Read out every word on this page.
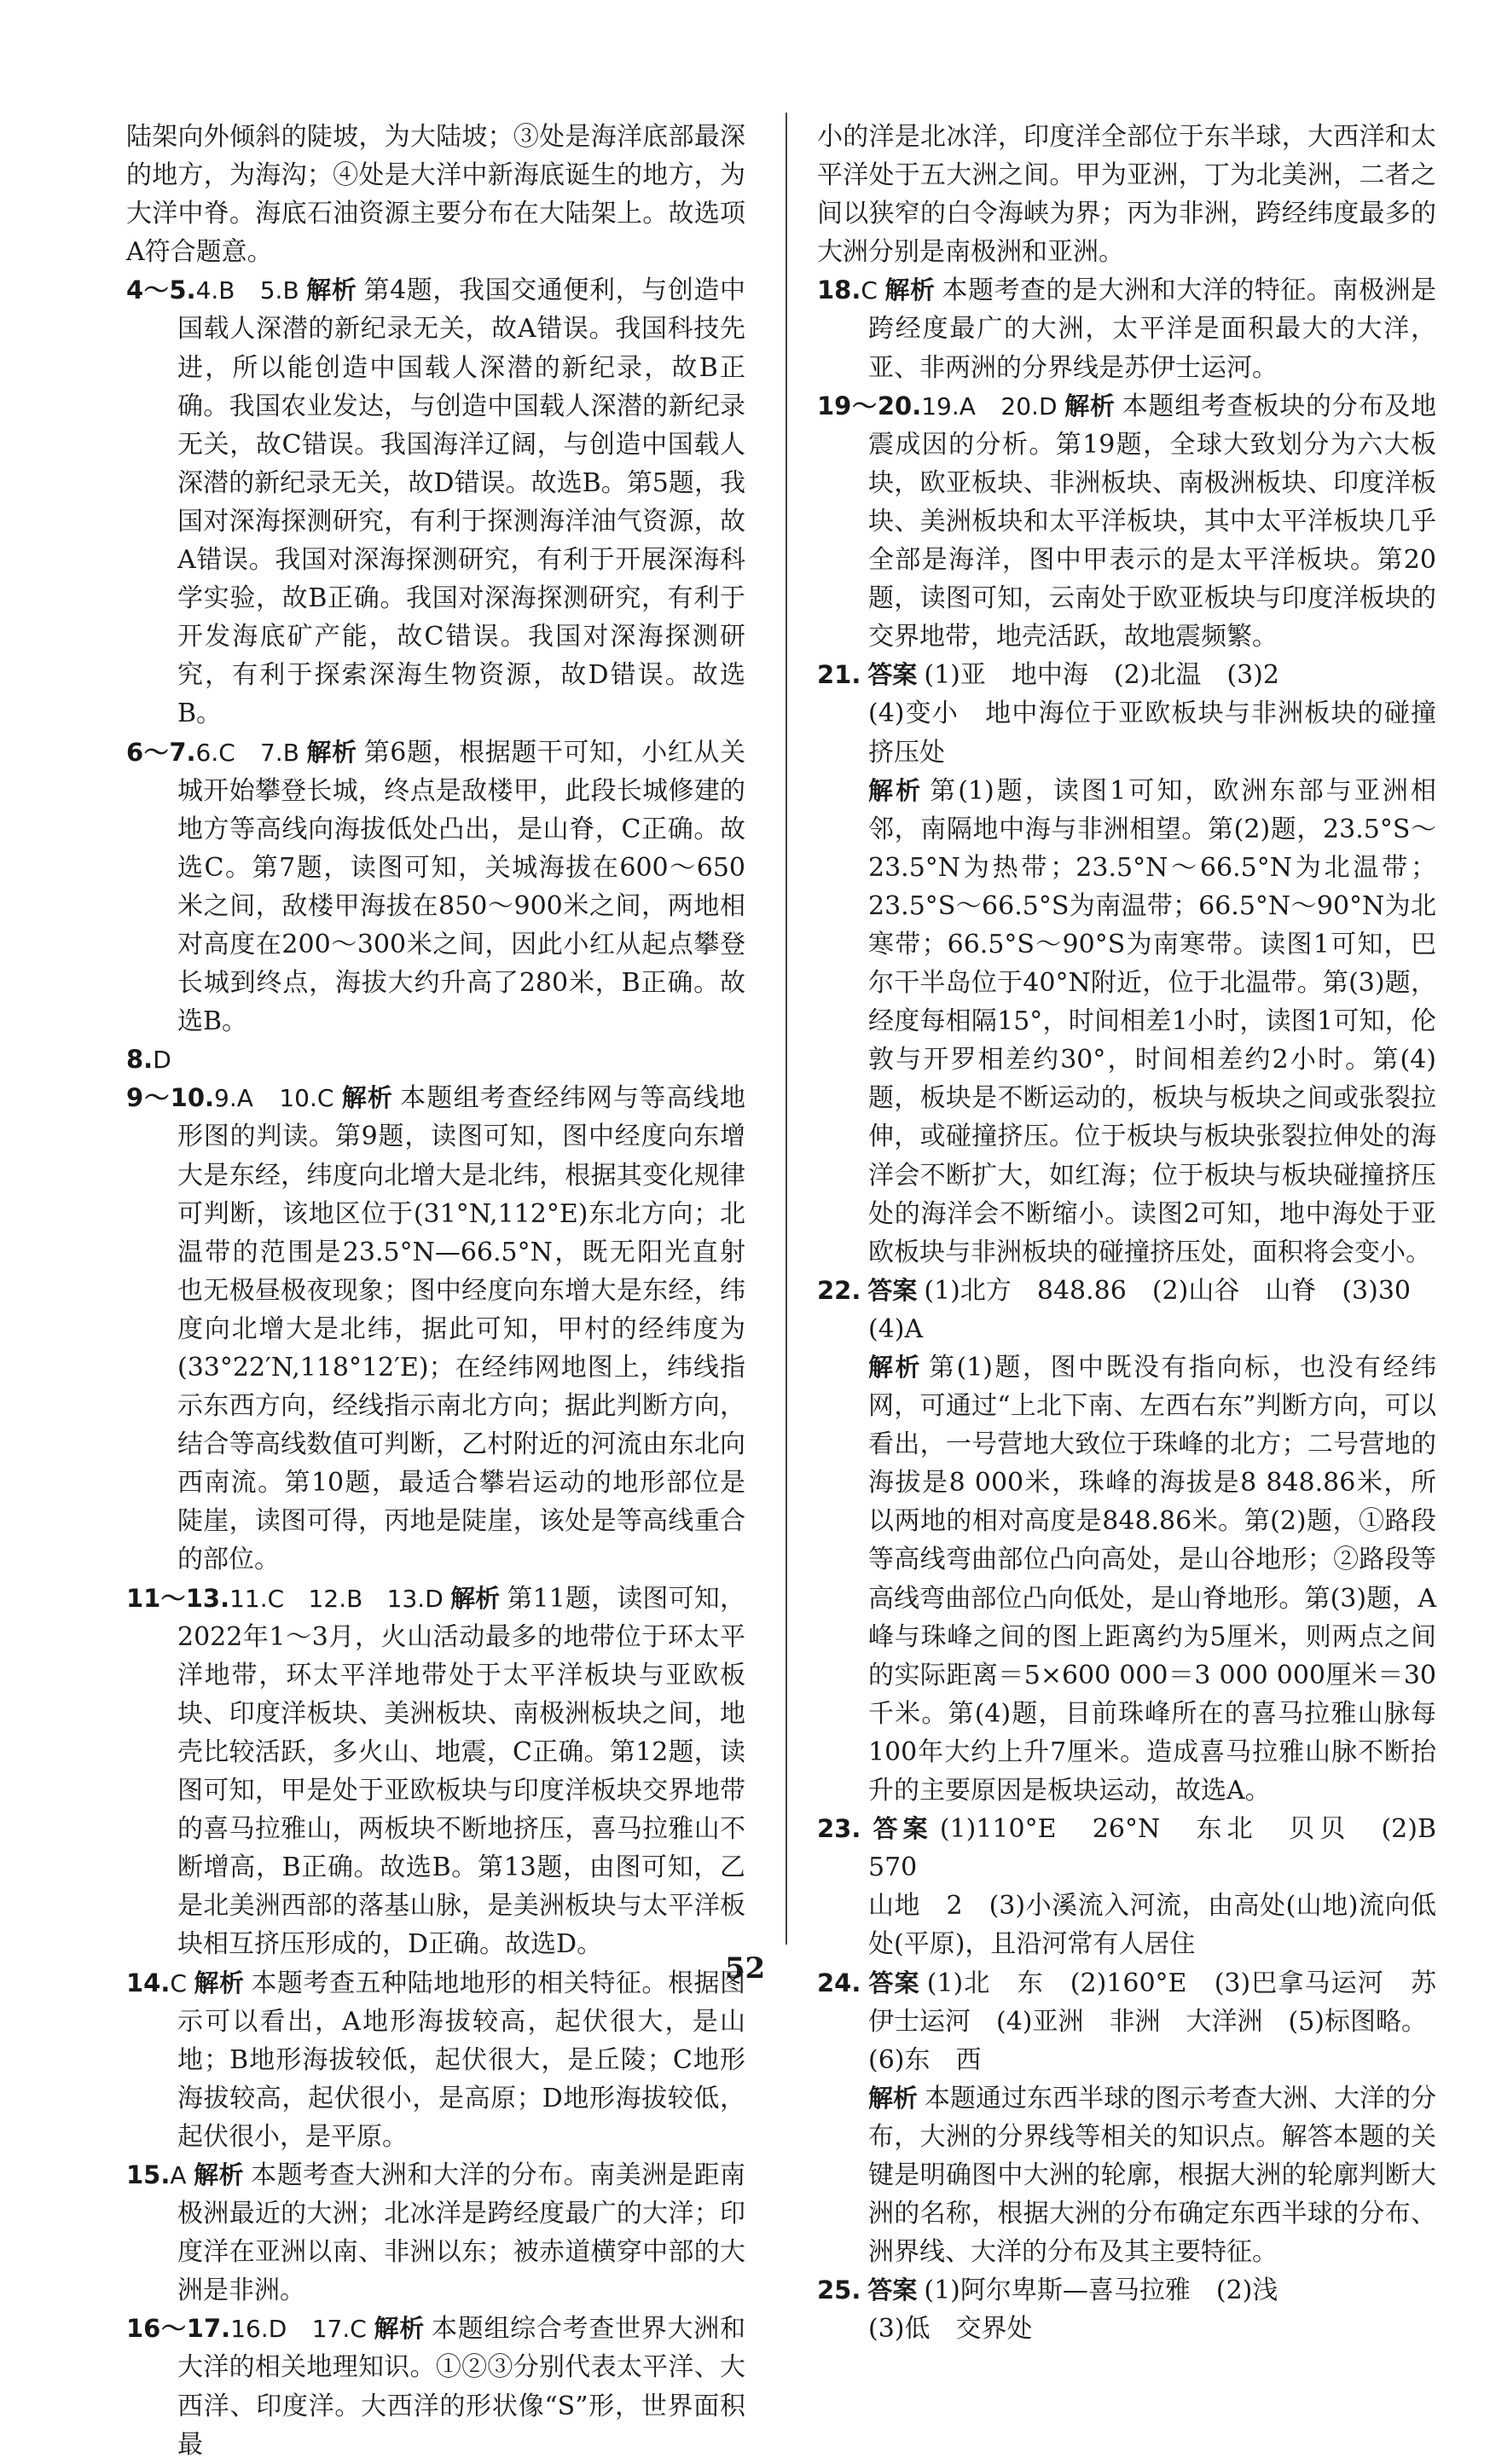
陆架向外倾斜的陡坡，为大陆坡；③处是海洋底部最深的地方，为海沟；④处是大洋中新海底诞生的地方，为大洋中脊。海底石油资源主要分布在大陆架上。故选项A符合题意。

4～5.4.B　5.B 解析 第4题，我国交通便利，与创造中国载人深潜的新纪录无关，故A错误。我国科技先进，所以能创造中国载人深潜的新纪录，故B正确。我国农业发达，与创造中国载人深潜的新纪录无关，故C错误。我国海洋辽阔，与创造中国载人深潜的新纪录无关，故D错误。故选B。第5题，我国对深海探测研究，有利于探测海洋油气资源，故A错误。我国对深海探测研究，有利于开展深海科学实验，故B正确。我国对深海探测研究，有利于开发海底矿产能，故C错误。我国对深海探测研究，有利于探索深海生物资源，故D错误。故选B。

6～7.6.C　7.B 解析 第6题，根据题干可知，小红从关城开始攀登长城，终点是敌楼甲，此段长城修建的地方等高线向海拔低处凸出，是山脊，C正确。故选C。第7题，读图可知，关城海拔在600～650米之间，敌楼甲海拔在850～900米之间，两地相对高度在200～300米之间，因此小红从起点攀登长城到终点，海拔大约升高了280米，B正确。故选B。

8.D

9～10.9.A　10.C 解析 本题组考查经纬网与等高线地形图的判读。第9题，读图可知，图中经度向东增大是东经，纬度向北增大是北纬，根据其变化规律可判断，该地区位于(31°N,112°E)东北方向；北温带的范围是23.5°N—66.5°N，既无阳光直射也无极昼极夜现象；图中经度向东增大是东经，纬度向北增大是北纬，据此可知，甲村的经纬度为(33°22′N,118°12′E)；在经纬网地图上，纬线指示东西方向，经线指示南北方向；据此判断方向，结合等高线数值可判断，乙村附近的河流由东北向西南流。第10题，最适合攀岩运动的地形部位是陡崖，读图可得，丙地是陡崖，该处是等高线重合的部位。

11～13.11.C　12.B　13.D 解析 第11题，读图可知，2022年1～3月，火山活动最多的地带位于环太平洋地带，环太平洋地带处于太平洋板块与亚欧板块、印度洋板块、美洲板块、南极洲板块之间，地壳比较活跃，多火山、地震，C正确。第12题，读图可知，甲是处于亚欧板块与印度洋板块交界地带的喜马拉雅山，两板块不断地挤压，喜马拉雅山不断增高，B正确。故选B。第13题，由图可知，乙是北美洲西部的落基山脉，是美洲板块与太平洋板块相互挤压形成的，D正确。故选D。

14.C 解析 本题考查五种陆地地形的相关特征。根据图示可以看出，A地形海拔较高，起伏很大，是山地；B地形海拔较低，起伏很大，是丘陵；C地形海拔较高，起伏很小，是高原；D地形海拔较低，起伏很小，是平原。

15.A 解析 本题考查大洲和大洋的分布。南美洲是距南极洲最近的大洲；北冰洋是跨经度最广的大洋；印度洋在亚洲以南、非洲以东；被赤道横穿中部的大洲是非洲。

16～17.16.D　17.C 解析 本题组综合考查世界大洲和大洋的相关地理知识。①②③分别代表太平洋、大西洋、印度洋。大西洋的形状像“S”形，世界面积最

小的洋是北冰洋，印度洋全部位于东半球，大西洋和太平洋处于五大洲之间。甲为亚洲，丁为北美洲，二者之间以狭窄的白令海峡为界；丙为非洲，跨经纬度最多的大洲分别是南极洲和亚洲。

18.C 解析 本题考查的是大洲和大洋的特征。南极洲是跨经度最广的大洲，太平洋是面积最大的大洋，亚、非两洲的分界线是苏伊士运河。

19～20.19.A　20.D 解析 本题组考查板块的分布及地震成因的分析。第19题，全球大致划分为六大板块，欧亚板块、非洲板块、南极洲板块、印度洋板块、美洲板块和太平洋板块，其中太平洋板块几乎全部是海洋，图中甲表示的是太平洋板块。第20题，读图可知，云南处于欧亚板块与印度洋板块的交界地带，地壳活跃，故地震频繁。

21. 答案 (1)亚　地中海　(2)北温　(3)2

(4)变小　地中海位于亚欧板块与非洲板块的碰撞挤压处

解析 第(1)题，读图1可知，欧洲东部与亚洲相邻，南隔地中海与非洲相望。第(2)题，23.5°S～23.5°N为热带；23.5°N～66.5°N为北温带；23.5°S～66.5°S为南温带；66.5°N～90°N为北寒带；66.5°S～90°S为南寒带。读图1可知，巴尔干半岛位于40°N附近，位于北温带。第(3)题，经度每相隔15°，时间相差1小时，读图1可知，伦敦与开罗相差约30°，时间相差约2小时。第(4)题，板块是不断运动的，板块与板块之间或张裂拉伸，或碰撞挤压。位于板块与板块张裂拉伸处的海洋会不断扩大，如红海；位于板块与板块碰撞挤压处的海洋会不断缩小。读图2可知，地中海处于亚欧板块与非洲板块的碰撞挤压处，面积将会变小。

22. 答案 (1)北方　848.86　(2)山谷　山脊　(3)30

(4)A

解析 第(1)题，图中既没有指向标，也没有经纬网，可通过“上北下南、左西右东”判断方向，可以看出，一号营地大致位于珠峰的北方；二号营地的海拔是8 000米，珠峰的海拔是8 848.86米，所以两地的相对高度是848.86米。第(2)题，①路段等高线弯曲部位凸向高处，是山谷地形；②路段等高线弯曲部位凸向低处，是山脊地形。第(3)题，A峰与珠峰之间的图上距离约为5厘米，则两点之间的实际距离＝5×600 000＝3 000 000厘米＝30千米。第(4)题，目前珠峰所在的喜马拉雅山脉每100年大约上升7厘米。造成喜马拉雅山脉不断抬升的主要原因是板块运动，故选A。

23. 答案 (1)110°E　26°N　东北　贝贝　(2)B　570

山地　2　(3)小溪流入河流，由高处(山地)流向低处(平原)，且沿河常有人居住

24. 答案 (1)北　东　(2)160°E　(3)巴拿马运河　苏伊士运河　(4)亚洲　非洲　大洋洲　(5)标图略。

(6)东　西

解析 本题通过东西半球的图示考查大洲、大洋的分布，大洲的分界线等相关的知识点。解答本题的关键是明确图中大洲的轮廓，根据大洲的轮廓判断大洲的名称，根据大洲的分布确定东西半球的分布、洲界线、大洋的分布及其主要特征。

25. 答案 (1)阿尔卑斯—喜马拉雅　(2)浅

(3)低　交界处

52
